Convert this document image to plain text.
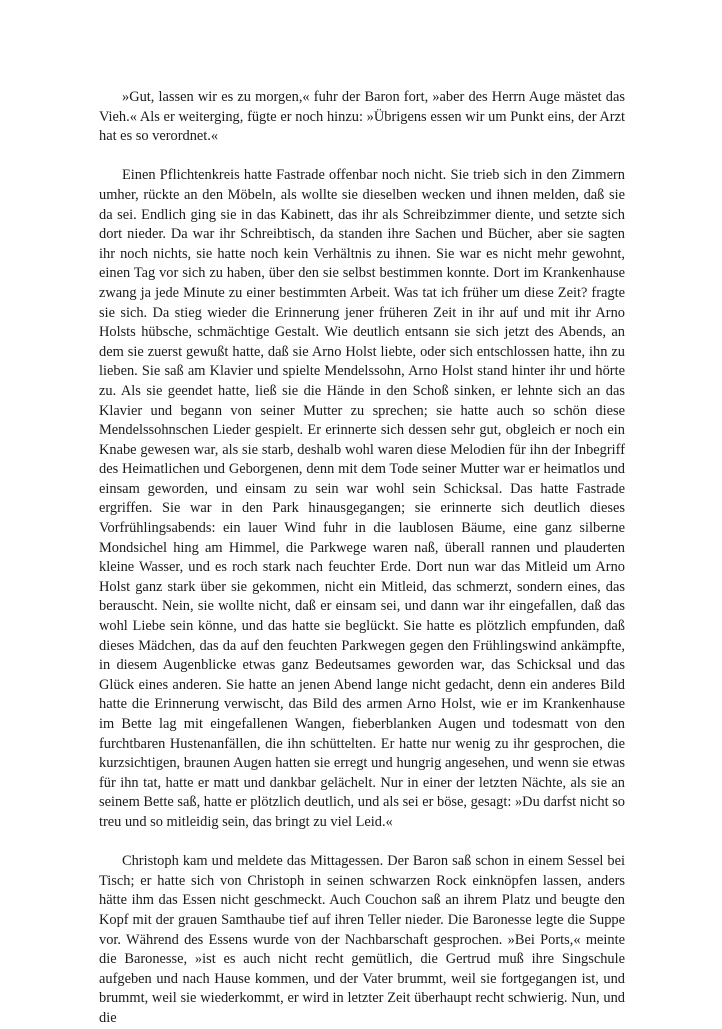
»Gut, lassen wir es zu morgen,« fuhr der Baron fort, »aber des Herrn Auge mästet das Vieh.« Als er weiterging, fügte er noch hinzu: »Übrigens essen wir um Punkt eins, der Arzt hat es so verordnet.«

Einen Pflichtenkreis hatte Fastrade offenbar noch nicht. Sie trieb sich in den Zimmern umher, rückte an den Möbeln, als wollte sie dieselben wecken und ihnen melden, daß sie da sei. Endlich ging sie in das Kabinett, das ihr als Schreibzimmer diente, und setzte sich dort nieder. Da war ihr Schreibtisch, da standen ihre Sachen und Bücher, aber sie sagten ihr noch nichts, sie hatte noch kein Verhältnis zu ihnen. Sie war es nicht mehr gewohnt, einen Tag vor sich zu haben, über den sie selbst bestimmen konnte. Dort im Krankenhause zwang ja jede Minute zu einer bestimmten Arbeit. Was tat ich früher um diese Zeit? fragte sie sich. Da stieg wieder die Erinnerung jener früheren Zeit in ihr auf und mit ihr Arno Holsts hübsche, schmächtige Gestalt. Wie deutlich entsann sie sich jetzt des Abends, an dem sie zuerst gewußt hatte, daß sie Arno Holst liebte, oder sich entschlossen hatte, ihn zu lieben. Sie saß am Klavier und spielte Mendelssohn, Arno Holst stand hinter ihr und hörte zu. Als sie geendet hatte, ließ sie die Hände in den Schoß sinken, er lehnte sich an das Klavier und begann von seiner Mutter zu sprechen; sie hatte auch so schön diese Mendelssohnschen Lieder gespielt. Er erinnerte sich dessen sehr gut, obgleich er noch ein Knabe gewesen war, als sie starb, deshalb wohl waren diese Melodien für ihn der Inbegriff des Heimatlichen und Geborgenen, denn mit dem Tode seiner Mutter war er heimatlos und einsam geworden, und einsam zu sein war wohl sein Schicksal. Das hatte Fastrade ergriffen. Sie war in den Park hinausgegangen; sie erinnerte sich deutlich dieses Vorfrühlingsabends: ein lauer Wind fuhr in die laublosen Bäume, eine ganz silberne Mondsichel hing am Himmel, die Parkwege waren naß, überall rannen und plauderten kleine Wasser, und es roch stark nach feuchter Erde. Dort nun war das Mitleid um Arno Holst ganz stark über sie gekommen, nicht ein Mitleid, das schmerzt, sondern eines, das berauscht. Nein, sie wollte nicht, daß er einsam sei, und dann war ihr eingefallen, daß das wohl Liebe sein könne, und das hatte sie beglückt. Sie hatte es plötzlich empfunden, daß dieses Mädchen, das da auf den feuchten Parkwegen gegen den Frühlingswind ankämpfte, in diesem Augenblicke etwas ganz Bedeutsames geworden war, das Schicksal und das Glück eines anderen. Sie hatte an jenen Abend lange nicht gedacht, denn ein anderes Bild hatte die Erinnerung verwischt, das Bild des armen Arno Holst, wie er im Krankenhause im Bette lag mit eingefallenen Wangen, fieberblanken Augen und todesmatt von den furchtbaren Hustenanfällen, die ihn schüttelten. Er hatte nur wenig zu ihr gesprochen, die kurzsichtigen, braunen Augen hatten sie erregt und hungrig angesehen, und wenn sie etwas für ihn tat, hatte er matt und dankbar gelächelt. Nur in einer der letzten Nächte, als sie an seinem Bette saß, hatte er plötzlich deutlich, und als sei er böse, gesagt: »Du darfst nicht so treu und so mitleidig sein, das bringt zu viel Leid.«

Christoph kam und meldete das Mittagessen. Der Baron saß schon in einem Sessel bei Tisch; er hatte sich von Christoph in seinen schwarzen Rock einknöpfen lassen, anders hätte ihm das Essen nicht geschmeckt. Auch Couchon saß an ihrem Platz und beugte den Kopf mit der grauen Samthaube tief auf ihren Teller nieder. Die Baronesse legte die Suppe vor. Während des Essens wurde von der Nachbarschaft gesprochen. »Bei Ports,« meinte die Baronesse, »ist es auch nicht recht gemütlich, die Gertrud muß ihre Singschule aufgeben und nach Hause kommen, und der Vater brummt, weil sie fortgegangen ist, und brummt, weil sie wiederkommt, er wird in letzter Zeit überhaupt recht schwierig. Nun, und die
